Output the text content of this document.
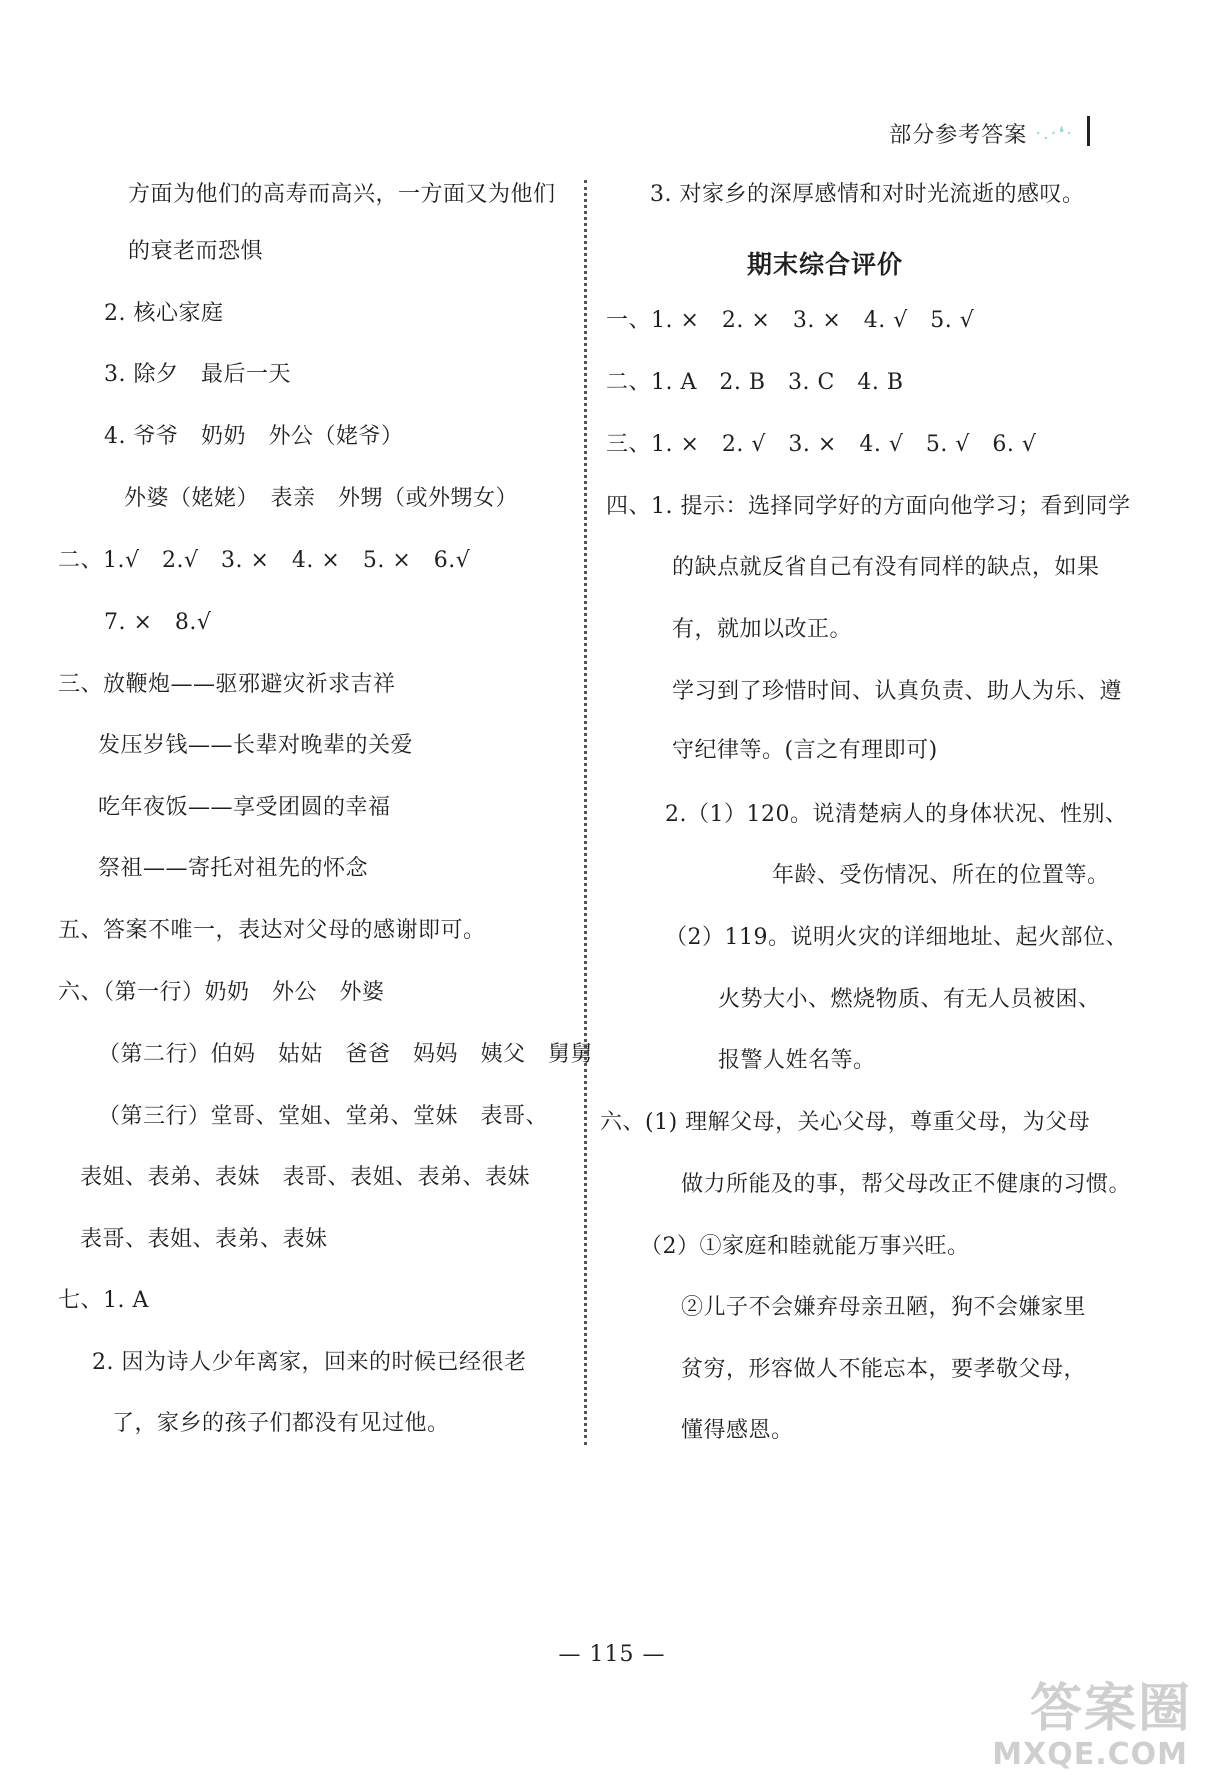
部分参考答案 ·.·❛·
方面为他们的高寿而高兴，一方面又为他们
的衰老而恐惧
2. 核心家庭
3. 除夕　最后一天
4. 爷爷　奶奶　外公（姥爷）
外婆（姥姥）　表亲　外甥（或外甥女）
二、1.√　2.√　3. ×　4. ×　5. ×　6.√
7. ×　8.√
三、放鞭炮——驱邪避灾祈求吉祥
发压岁钱——长辈对晚辈的关爱
吃年夜饭——享受团圆的幸福
祭祖——寄托对祖先的怀念
五、答案不唯一，表达对父母的感谢即可。
六、（第一行）奶奶　外公　外婆
（第二行）伯妈　姑姑　爸爸　妈妈　姨父　舅舅
（第三行）堂哥、堂姐、堂弟、堂妹　表哥、
表姐、表弟、表妹　表哥、表姐、表弟、表妹
表哥、表姐、表弟、表妹
七、1. A
2. 因为诗人少年离家，回来的时候已经很老
了，家乡的孩子们都没有见过他。
3. 对家乡的深厚感情和对时光流逝的感叹。
期末综合评价
一、1. ×　2. ×　3. ×　4. √　5. √
二、1. A　2. B　3. C　4. B
三、1. ×　2. √　3. ×　4. √　5. √　6. √
四、1. 提示：选择同学好的方面向他学习；看到同学
的缺点就反省自己有没有同样的缺点，如果
有，就加以改正。
学习到了珍惜时间、认真负责、助人为乐、遵
守纪律等。(言之有理即可)
2.（1）120。说清楚病人的身体状况、性别、
年龄、受伤情况、所在的位置等。
（2）119。说明火灾的详细地址、起火部位、
火势大小、燃烧物质、有无人员被困、
报警人姓名等。
六、(1) 理解父母，关心父母，尊重父母，为父母
做力所能及的事，帮父母改正不健康的习惯。
（2）①家庭和睦就能万事兴旺。
②儿子不会嫌弃母亲丑陋，狗不会嫌家里
贫穷，形容做人不能忘本，要孝敬父母，
懂得感恩。
— 115 —
答案圈
MXQE.COM
